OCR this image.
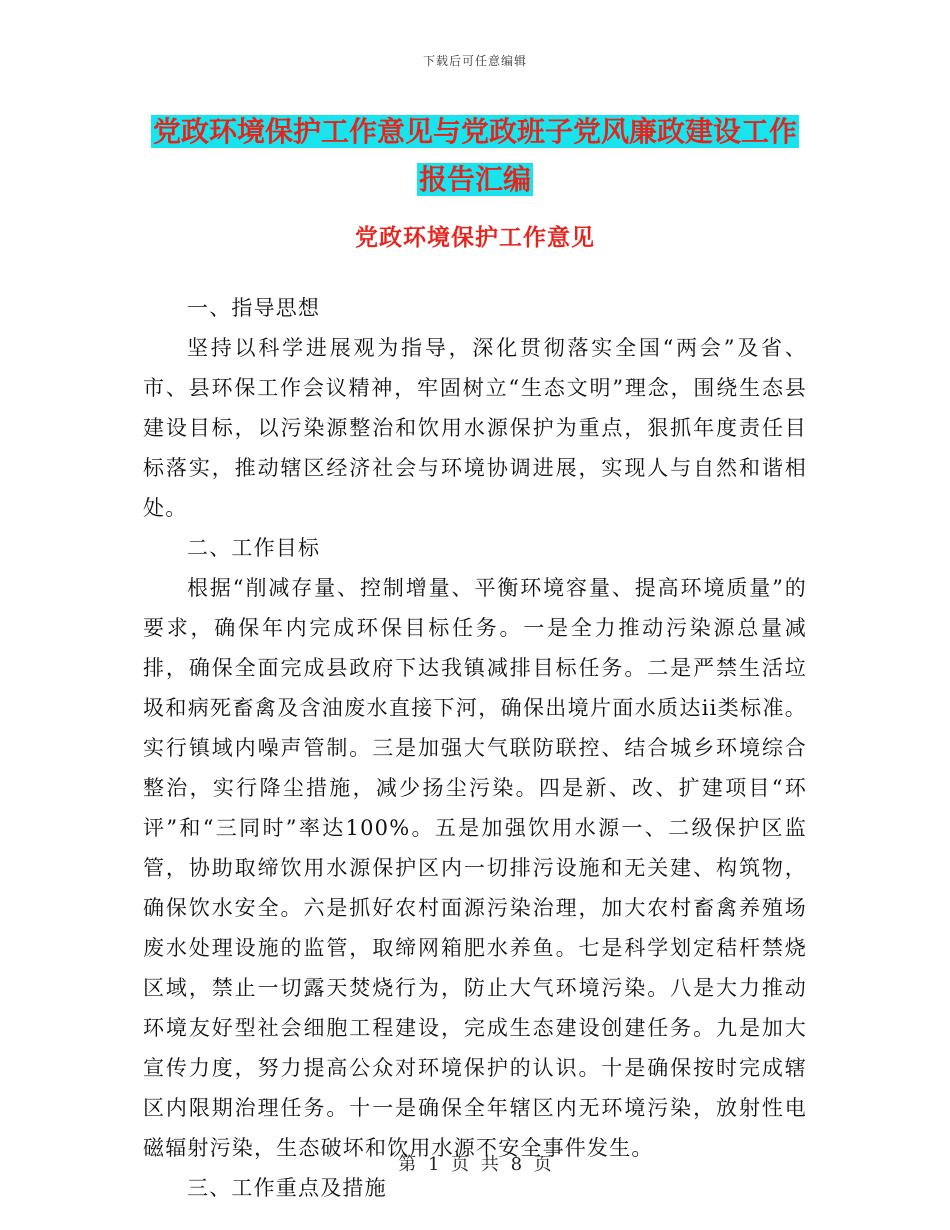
下载后可任意编辑
党政环境保护工作意见与党政班子党风廉政建设工作
报告汇编
党政环境保护工作意见

一、指导思想

坚持以科学进展观为指导，深化贯彻落实全国“两会”及省、市、县环保工作会议精神，牢固树立“生态文明”理念，围绕生态县建设目标，以污染源整治和饮用水源保护为重点，狠抓年度责任目标落实，推动辖区经济社会与环境协调进展，实现人与自然和谐相处。

二、工作目标

根据“削减存量、控制增量、平衡环境容量、提高环境质量”的要求，确保年内完成环保目标任务。一是全力推动污染源总量减排，确保全面完成县政府下达我镇减排目标任务。二是严禁生活垃圾和病死畜禽及含油废水直接下河，确保出境片面水质达ii类标准。实行镇域内噪声管制。三是加强大气联防联控、结合城乡环境综合整治，实行降尘措施，减少扬尘污染。四是新、改、扩建项目“环评”和“三同时”率达100%。五是加强饮用水源一、二级保护区监管，协助取缔饮用水源保护区内一切排污设施和无关建、构筑物，确保饮水安全。六是抓好农村面源污染治理，加大农村畜禽养殖场废水处理设施的监管，取缔网箱肥水养鱼。七是科学划定秸杆禁烧区域，禁止一切露天焚烧行为，防止大气环境污染。八是大力推动环境友好型社会细胞工程建设，完成生态建设创建任务。九是加大宣传力度，努力提高公众对环境保护的认识。十是确保按时完成辖区内限期治理任务。十一是确保全年辖区内无环境污染，放射性电磁辐射污染，生态破坏和饮用水源不安全事件发生。

三、工作重点及措施

第 1 页 共 8 页
